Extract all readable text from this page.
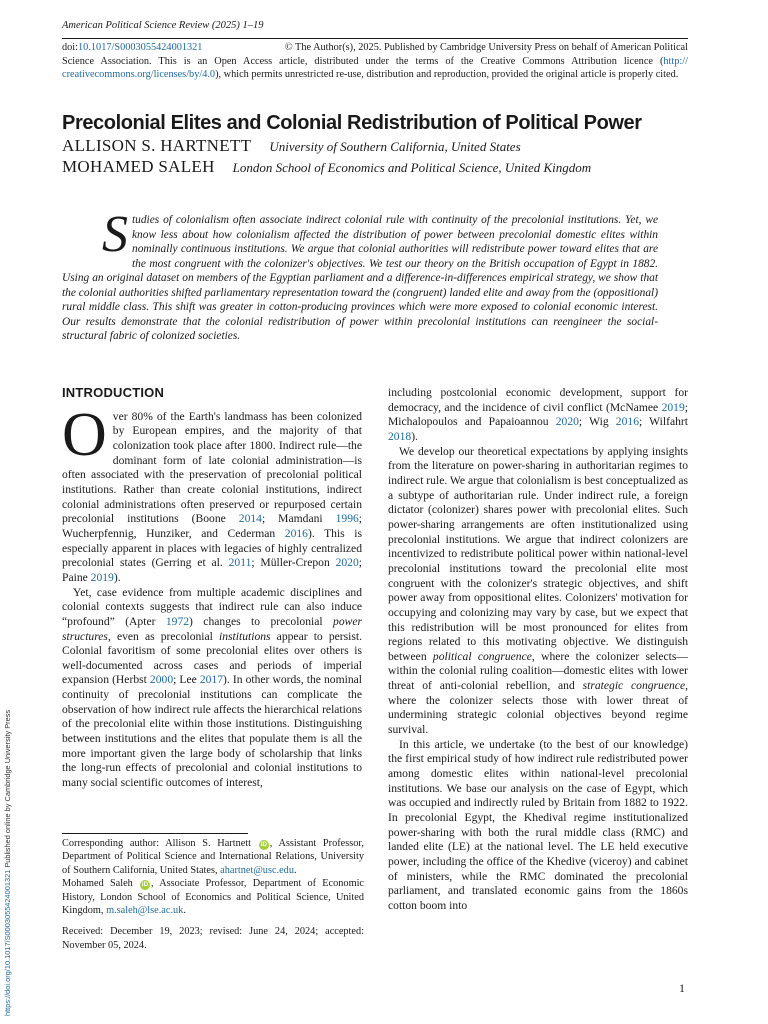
American Political Science Review (2025) 1–19
doi:10.1017/S0003055424001321	© The Author(s), 2025. Published by Cambridge University Press on behalf of American Political
Science Association. This is an Open Access article, distributed under the terms of the Creative Commons Attribution licence (http:// creativecommons.org/licenses/by/4.0), which permits unrestricted re-use, distribution and reproduction, provided the original article is properly cited.
Precolonial Elites and Colonial Redistribution of Political Power
ALLISON S. HARTNETT University of Southern California, United States
MOHAMED SALEH London School of Economics and Political Science, United Kingdom
Studies of colonialism often associate indirect colonial rule with continuity of the precolonial institutions. Yet, we know less about how colonialism affected the distribution of power between precolonial domestic elites within nominally continuous institutions. We argue that colonial authorities will redistribute power toward elites that are the most congruent with the colonizer's objectives. We test our theory on the British occupation of Egypt in 1882. Using an original dataset on members of the Egyptian parliament and a difference-in-differences empirical strategy, we show that the colonial authorities shifted parliamentary representation toward the (congruent) landed elite and away from the (oppositional) rural middle class. This shift was greater in cotton-producing provinces which were more exposed to colonial economic interest. Our results demonstrate that the colonial redistribution of power within precolonial institutions can reengineer the social-structural fabric of colonized societies.
INTRODUCTION

Over 80% of the Earth's landmass has been colonized by European empires, and the majority of that colonization took place after 1800. Indirect rule—the dominant form of late colonial administration—is often associated with the preservation of precolonial political institutions. Rather than create colonial institutions, indirect colonial administrations often preserved or repurposed certain precolonial institutions (Boone 2014; Mamdani 1996; Wucherpfennig, Hunziker, and Cederman 2016). This is especially apparent in places with legacies of highly centralized precolonial states (Gerring et al. 2011; Müller-Crepon 2020; Paine 2019).

Yet, case evidence from multiple academic disciplines and colonial contexts suggests that indirect rule can also induce “profound” (Apter 1972) changes to precolonial power structures, even as precolonial institutions appear to persist. Colonial favoritism of some precolonial elites over others is well-documented across cases and periods of imperial expansion (Herbst 2000; Lee 2017). In other words, the nominal continuity of precolonial institutions can complicate the observation of how indirect rule affects the hierarchical relations of the precolonial elite within those institutions. Distinguishing between institutions and the elites that populate them is all the more important given the large body of scholarship that links the long-run effects of precolonial and colonial institutions to many social scientific outcomes of interest,

including postcolonial economic development, support for democracy, and the incidence of civil conflict (McNamee 2019; Michalopoulos and Papaioannou 2020; Wig 2016; Wilfahrt 2018).

We develop our theoretical expectations by applying insights from the literature on power-sharing in authoritarian regimes to indirect rule. We argue that colonialism is best conceptualized as a subtype of authoritarian rule. Under indirect rule, a foreign dictator (colonizer) shares power with precolonial elites. Such power-sharing arrangements are often institutionalized using precolonial institutions. We argue that indirect colonizers are incentivized to redistribute political power within national-level precolonial institutions toward the precolonial elite most congruent with the colonizer's strategic objectives, and shift power away from oppositional elites. Colonizers' motivation for occupying and colonizing may vary by case, but we expect that this redistribution will be most pronounced for elites from regions related to this motivating objective. We distinguish between political congruence, where the colonizer selects—within the colonial ruling coalition—domestic elites with lower threat of anti-colonial rebellion, and strategic congruence, where the colonizer selects those with lower threat of undermining strategic colonial objectives beyond regime survival.

In this article, we undertake (to the best of our knowledge) the first empirical study of how indirect rule redistributed power among domestic elites within national-level precolonial institutions. We base our analysis on the case of Egypt, which was occupied and indirectly ruled by Britain from 1882 to 1922. In precolonial Egypt, the Khedival regime institutionalized power-sharing with both the rural middle class (RMC) and landed elite (LE) at the national level. The LE held executive power, including the office of the Khedive (viceroy) and cabinet of ministers, while the RMC dominated the precolonial parliament, and translated economic gains from the 1860s cotton boom into

Corresponding author: Allison S. Hartnett iD , Assistant Professor, Department of Political Science and International Relations, University of Southern California, United States, ahartnet@usc.edu.

Mohamed Saleh iD , Associate Professor, Department of Economic History, London School of Economics and Political Science, United Kingdom, m.saleh@lse.ac.uk.

Received: December 19, 2023; revised: June 24, 2024; accepted: November 05, 2024.

https://doi.org/10.1017/S0003055424001321 Published online by Cambridge University Press
1
